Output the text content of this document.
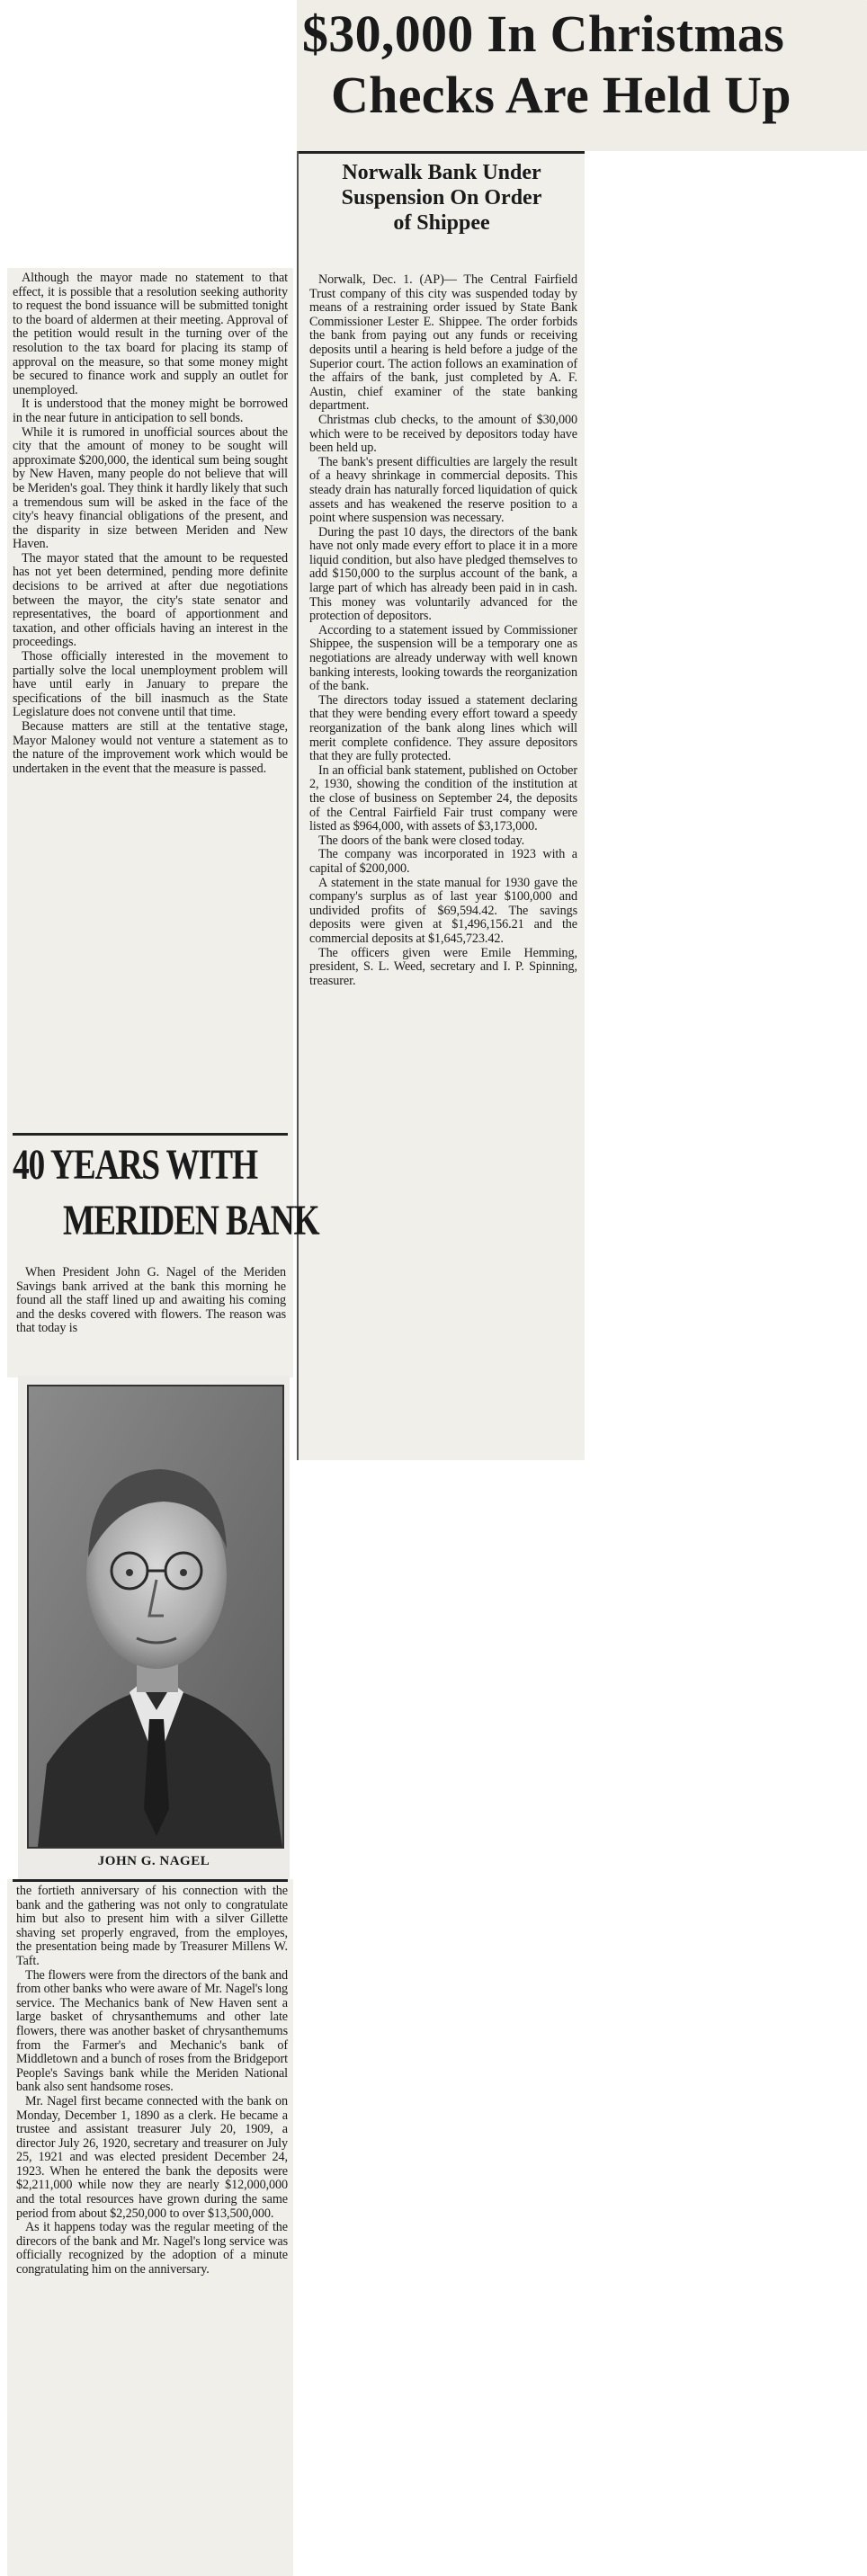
$30,000 In Christmas
Checks Are Held Up
Norwalk Bank Under
Suspension On Order
of Shippee

Norwalk, Dec. 1. (AP)— The Central Fairfield Trust company of this city was suspended today by means of a restraining order issued by State Bank Commissioner Lester E. Shippee. The order forbids the bank from paying out any funds or receiving deposits until a hearing is held before a judge of the Superior court. The action follows an examination of the affairs of the bank, just completed by A. F. Austin, chief examiner of the state banking department.

Christmas club checks, to the amount of $30,000 which were to be received by depositors today have been held up.

The bank's present difficulties are largely the result of a heavy shrinkage in commercial deposits. This steady drain has naturally forced liquidation of quick assets and has weakened the reserve position to a point where suspension was necessary.

During the past 10 days, the directors of the bank have not only made every effort to place it in a more liquid condition, but also have pledged themselves to add $150,000 to the surplus account of the bank, a large part of which has already been paid in in cash. This money was voluntarily advanced for the protection of depositors.

According to a statement issued by Commissioner Shippee, the suspension will be a temporary one as negotiations are already underway with well known banking interests, looking towards the reorganization of the bank.

The directors today issued a statement declaring that they were bending every effort toward a speedy reorganization of the bank along lines which will merit complete confidence. They assure depositors that they are fully protected.

In an official bank statement, published on October 2, 1930, showing the condition of the institution at the close of business on September 24, the deposits of the Central Fairfield Fair trust company were listed as $964,000, with assets of $3,173,000.

The doors of the bank were closed today.

The company was incorporated in 1923 with a capital of $200,000.

A statement in the state manual for 1930 gave the company's surplus as of last year $100,000 and undivided profits of $69,594.42. The savings deposits were given at $1,496,156.21 and the commercial deposits at $1,645,723.42.

The officers given were Emile Hemming, president, S. L. Weed, secretary and I. P. Spinning, treasurer.

Although the mayor made no statement to that effect, it is possible that a resolution seeking authority to request the bond issuance will be submitted tonight to the board of aldermen at their meeting. Approval of the petition would result in the turning over of the resolution to the tax board for placing its stamp of approval on the measure, so that some money might be secured to finance work and supply an outlet for unemployed.

It is understood that the money might be borrowed in the near future in anticipation to sell bonds.

While it is rumored in unofficial sources about the city that the amount of money to be sought will approximate $200,000, the identical sum being sought by New Haven, many people do not believe that will be Meriden's goal. They think it hardly likely that such a tremendous sum will be asked in the face of the city's heavy financial obligations of the present, and the disparity in size between Meriden and New Haven.

The mayor stated that the amount to be requested has not yet been determined, pending more definite decisions to be arrived at after due negotiations between the mayor, the city's state senator and representatives, the board of apportionment and taxation, and other officials having an interest in the proceedings.

Those officially interested in the movement to partially solve the local unemployment problem will have until early in January to prepare the specifications of the bill inasmuch as the State Legislature does not convene until that time.

Because matters are still at the tentative stage, Mayor Maloney would not venture a statement as to the nature of the improvement work which would be undertaken in the event that the measure is passed.

40 YEARS WITH
MERIDEN BANK

When President John G. Nagel of the Meriden Savings bank arrived at the bank this morning he found all the staff lined up and awaiting his coming and the desks covered with flowers. The reason was that today is

JOHN G. NAGEL

the fortieth anniversary of his connection with the bank and the gathering was not only to congratulate him but also to present him with a silver Gillette shaving set properly engraved, from the employes, the presentation being made by Treasurer Millens W. Taft.

The flowers were from the directors of the bank and from other banks who were aware of Mr. Nagel's long service. The Mechanics bank of New Haven sent a large basket of chrysanthemums and other late flowers, there was another basket of chrysanthemums from the Farmer's and Mechanic's bank of Middletown and a bunch of roses from the Bridgeport People's Savings bank while the Meriden National bank also sent handsome roses.

Mr. Nagel first became connected with the bank on Monday, December 1, 1890 as a clerk. He became a trustee and assistant treasurer July 20, 1909, a director July 26, 1920, secretary and treasurer on July 25, 1921 and was elected president December 24, 1923. When he entered the bank the deposits were $2,211,000 while now they are nearly $12,000,000 and the total resources have grown during the same period from about $2,250,000 to over $13,500,000.

As it happens today was the regular meeting of the direcors of the bank and Mr. Nagel's long service was officially recognized by the adoption of a minute congratulating him on the anniversary.
